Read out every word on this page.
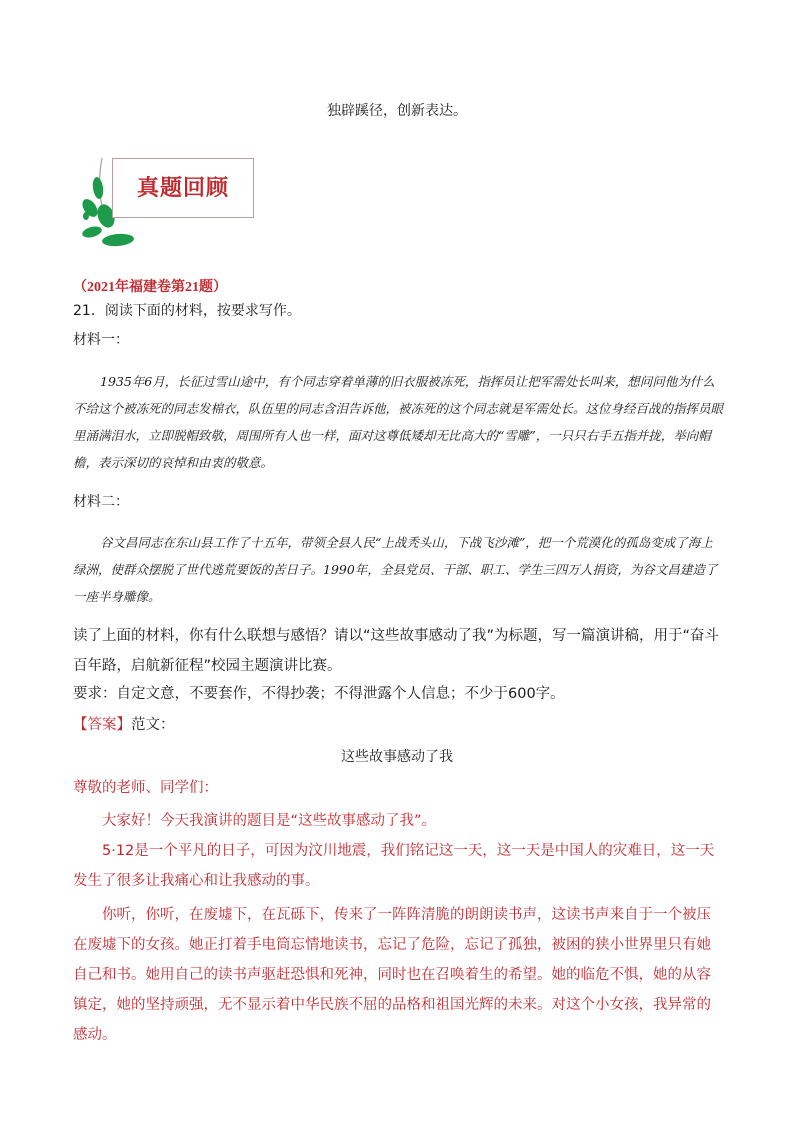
独辟蹊径，创新表达。
真题回顾
（2021年福建卷第21题）
21．阅读下面的材料，按要求写作。
材料一：
1935年6月，长征过雪山途中，有个同志穿着单薄的旧衣服被冻死，指挥员让把军需处长叫来，想问问他为什么不给这个被冻死的同志发棉衣，队伍里的同志含泪告诉他，被冻死的这个同志就是军需处长。这位身经百战的指挥员眼里涌满泪水，立即脱帽致敬，周围所有人也一样，面对这尊低矮却无比高大的“雪雕”，一只只右手五指并拢，举向帽檐，表示深切的哀悼和由衷的敬意。
材料二：
谷文昌同志在东山县工作了十五年，带领全县人民“上战秃头山，下战飞沙滩”，把一个荒漠化的孤岛变成了海上绿洲，使群众摆脱了世代逃荒要饭的苦日子。1990年，全县党员、干部、职工、学生三四万人捐资，为谷文昌建造了一座半身雕像。
读了上面的材料，你有什么联想与感悟？请以“这些故事感动了我”为标题，写一篇演讲稿，用于“奋斗百年路，启航新征程”校园主题演讲比赛。
要求：自定文意，不要套作，不得抄袭；不得泄露个人信息；不少于600字。
【答案】范文：
这些故事感动了我
尊敬的老师、同学们：
大家好！今天我演讲的题目是“这些故事感动了我”。
5·12是一个平凡的日子，可因为汶川地震，我们铭记这一天，这一天是中国人的灾难日，这一天发生了很多让我痛心和让我感动的事。
你听，你听，在废墟下，在瓦砾下，传来了一阵阵清脆的朗朗读书声，这读书声来自于一个被压在废墟下的女孩。她正打着手电筒忘情地读书，忘记了危险，忘记了孤独，被困的狭小世界里只有她自己和书。她用自己的读书声驱赶恐惧和死神，同时也在召唤着生的希望。她的临危不惧，她的从容镇定，她的坚持顽强，无不显示着中华民族不屈的品格和祖国光辉的未来。对这个小女孩，我异常的感动。
